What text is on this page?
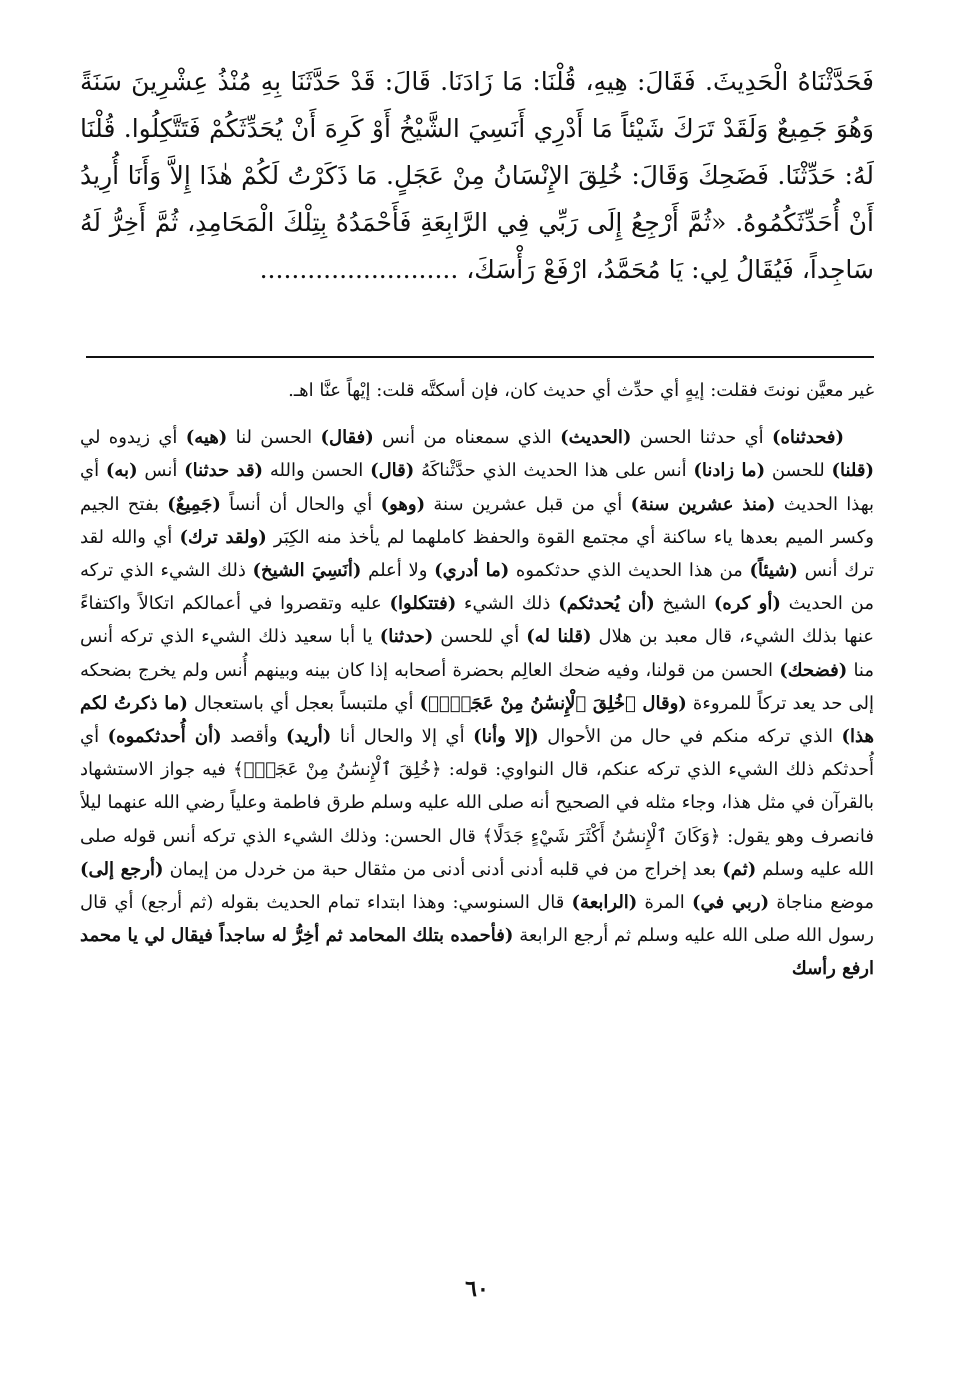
فَحَدَّثْنَاهُ الْحَدِيثَ. فَقَالَ: هِيهِ، قُلْنَا: مَا زَادَنَا. قَالَ: قَدْ حَدَّثَنَا بِهِ مُنْذُ عِشْرِينَ سَنَةً وَهُوَ جَمِيعٌ وَلَقَدْ تَرَكَ شَيْئاً مَا أَدْرِي أَنَسِيَ الشَّيْخُ أَوْ كَرِهَ أَنْ يُحَدِّثَكُمْ فَتَتَّكِلُوا. قُلْنَا لَهُ: حَدِّثْنَا. فَضَحِكَ وَقَالَ: خُلِقَ الإِنْسَانُ مِنْ عَجَلٍ. مَا ذَكَرْتُ لَكُمْ هٰذَا إِلاَّ وَأَنَا أُرِيدُ أَنْ أُحَدِّثَكُمُوهُ. «ثُمَّ أَرْجِعُ إِلَى رَبِّي فِي الرَّابِعَةِ فَأَحْمَدُهُ بِتِلْكَ الْمَحَامِدِ، ثُمَّ أَخِرُّ لَهُ سَاجِداً، فَيُقَالُ لِي: يَا مُحَمَّدُ، ارْفَعْ رَأْسَكَ، .........................

غير معيَّن نونتَ فقلت: إيهٍ أي حدِّث أي حديث كان، فإن أسكتَّه قلت: إيْهاً عنَّا اهـ.

(فحدثناه) أي حدثنا الحسن (الحديث) الذي سمعناه من أنس (فقال) الحسن لنا (هيه) أي زيدوه لي (قلنا) للحسن (ما زادنا) أنس على هذا الحديث الذي حدَّثْناكَهُ (قال) الحسن والله (قد حدثنا) أنس (به) أي بهذا الحديث (منذ عشرين سنة) أي من قبل عشرين سنة (وهو) أي والحال أن أنساً (جَمِيعٌ) بفتح الجيم وكسر الميم بعدها ياء ساكنة أي مجتمع القوة والحفظ كاملهما لم يأخذ منه الكِبَر (ولقد ترك) أي والله لقد ترك أنس (شيئاً) من هذا الحديث الذي حدثكموه (ما أدري) ولا أعلم (أنَسِيَ الشيخ) ذلك الشيء الذي تركه من الحديث (أو كره) الشيخ (أن يُحدثكم) ذلك الشيء (فتتكلوا) عليه وتقصروا في أعمالكم اتكالاً واكتفاءً عنها بذلك الشيء، قال معبد بن هلال (قلنا له) أي للحسن (حدثنا) يا أبا سعيد ذلك الشيء الذي تركه أنس منا (فضحك) الحسن من قولنا، وفيه ضحك العالِم بحضرة أصحابه إذا كان بينه وبينهم أُنس ولم يخرج بضحكه إلى حد يعد تركاً للمروءة (وقال ﴿خُلِقَ ٱلْإِنسَٰنُ مِنْ عَجَلٍۚ﴾) أي ملتبساً بعجل أي باستعجال (ما ذكرتُ لكم هذا) الذي تركه منكم في حال من الأحوال (إلا وأنا) أي إلا والحال أنا (أريد) وأقصد (أن أُحدثكموه) أي أُحدثكم ذلك الشيء الذي تركه عنكم، قال النواوي: قوله: ﴿خُلِقَ ٱلْإِنسَٰنُ مِنْ عَجَلٍۚ﴾ فيه جواز الاستشهاد بالقرآن في مثل هذا، وجاء مثله في الصحيح أنه صلى الله عليه وسلم طرق فاطمة وعلياً رضي الله عنهما ليلاً فانصرف وهو يقول: ﴿وَكَانَ ٱلْإِنسَٰنُ أَكْثَرَ شَيْءٍ جَدَلًا﴾ قال الحسن: وذلك الشيء الذي تركه أنس قوله صلى الله عليه وسلم (ثم) بعد إخراج من في قلبه أدنى أدنى أدنى من مثقال حبة من خردل من إيمان (أرجع إلى) موضع مناجاة (ربي في) المرة (الرابعة) قال السنوسي: وهذا ابتداء تمام الحديث بقوله (ثم أرجع) أي قال رسول الله صلى الله عليه وسلم ثم أرجع الرابعة (فأحمده بتلك المحامد ثم أخِرُّ له ساجداً فيقال لي يا محمد ارفع رأسك

٦٠
